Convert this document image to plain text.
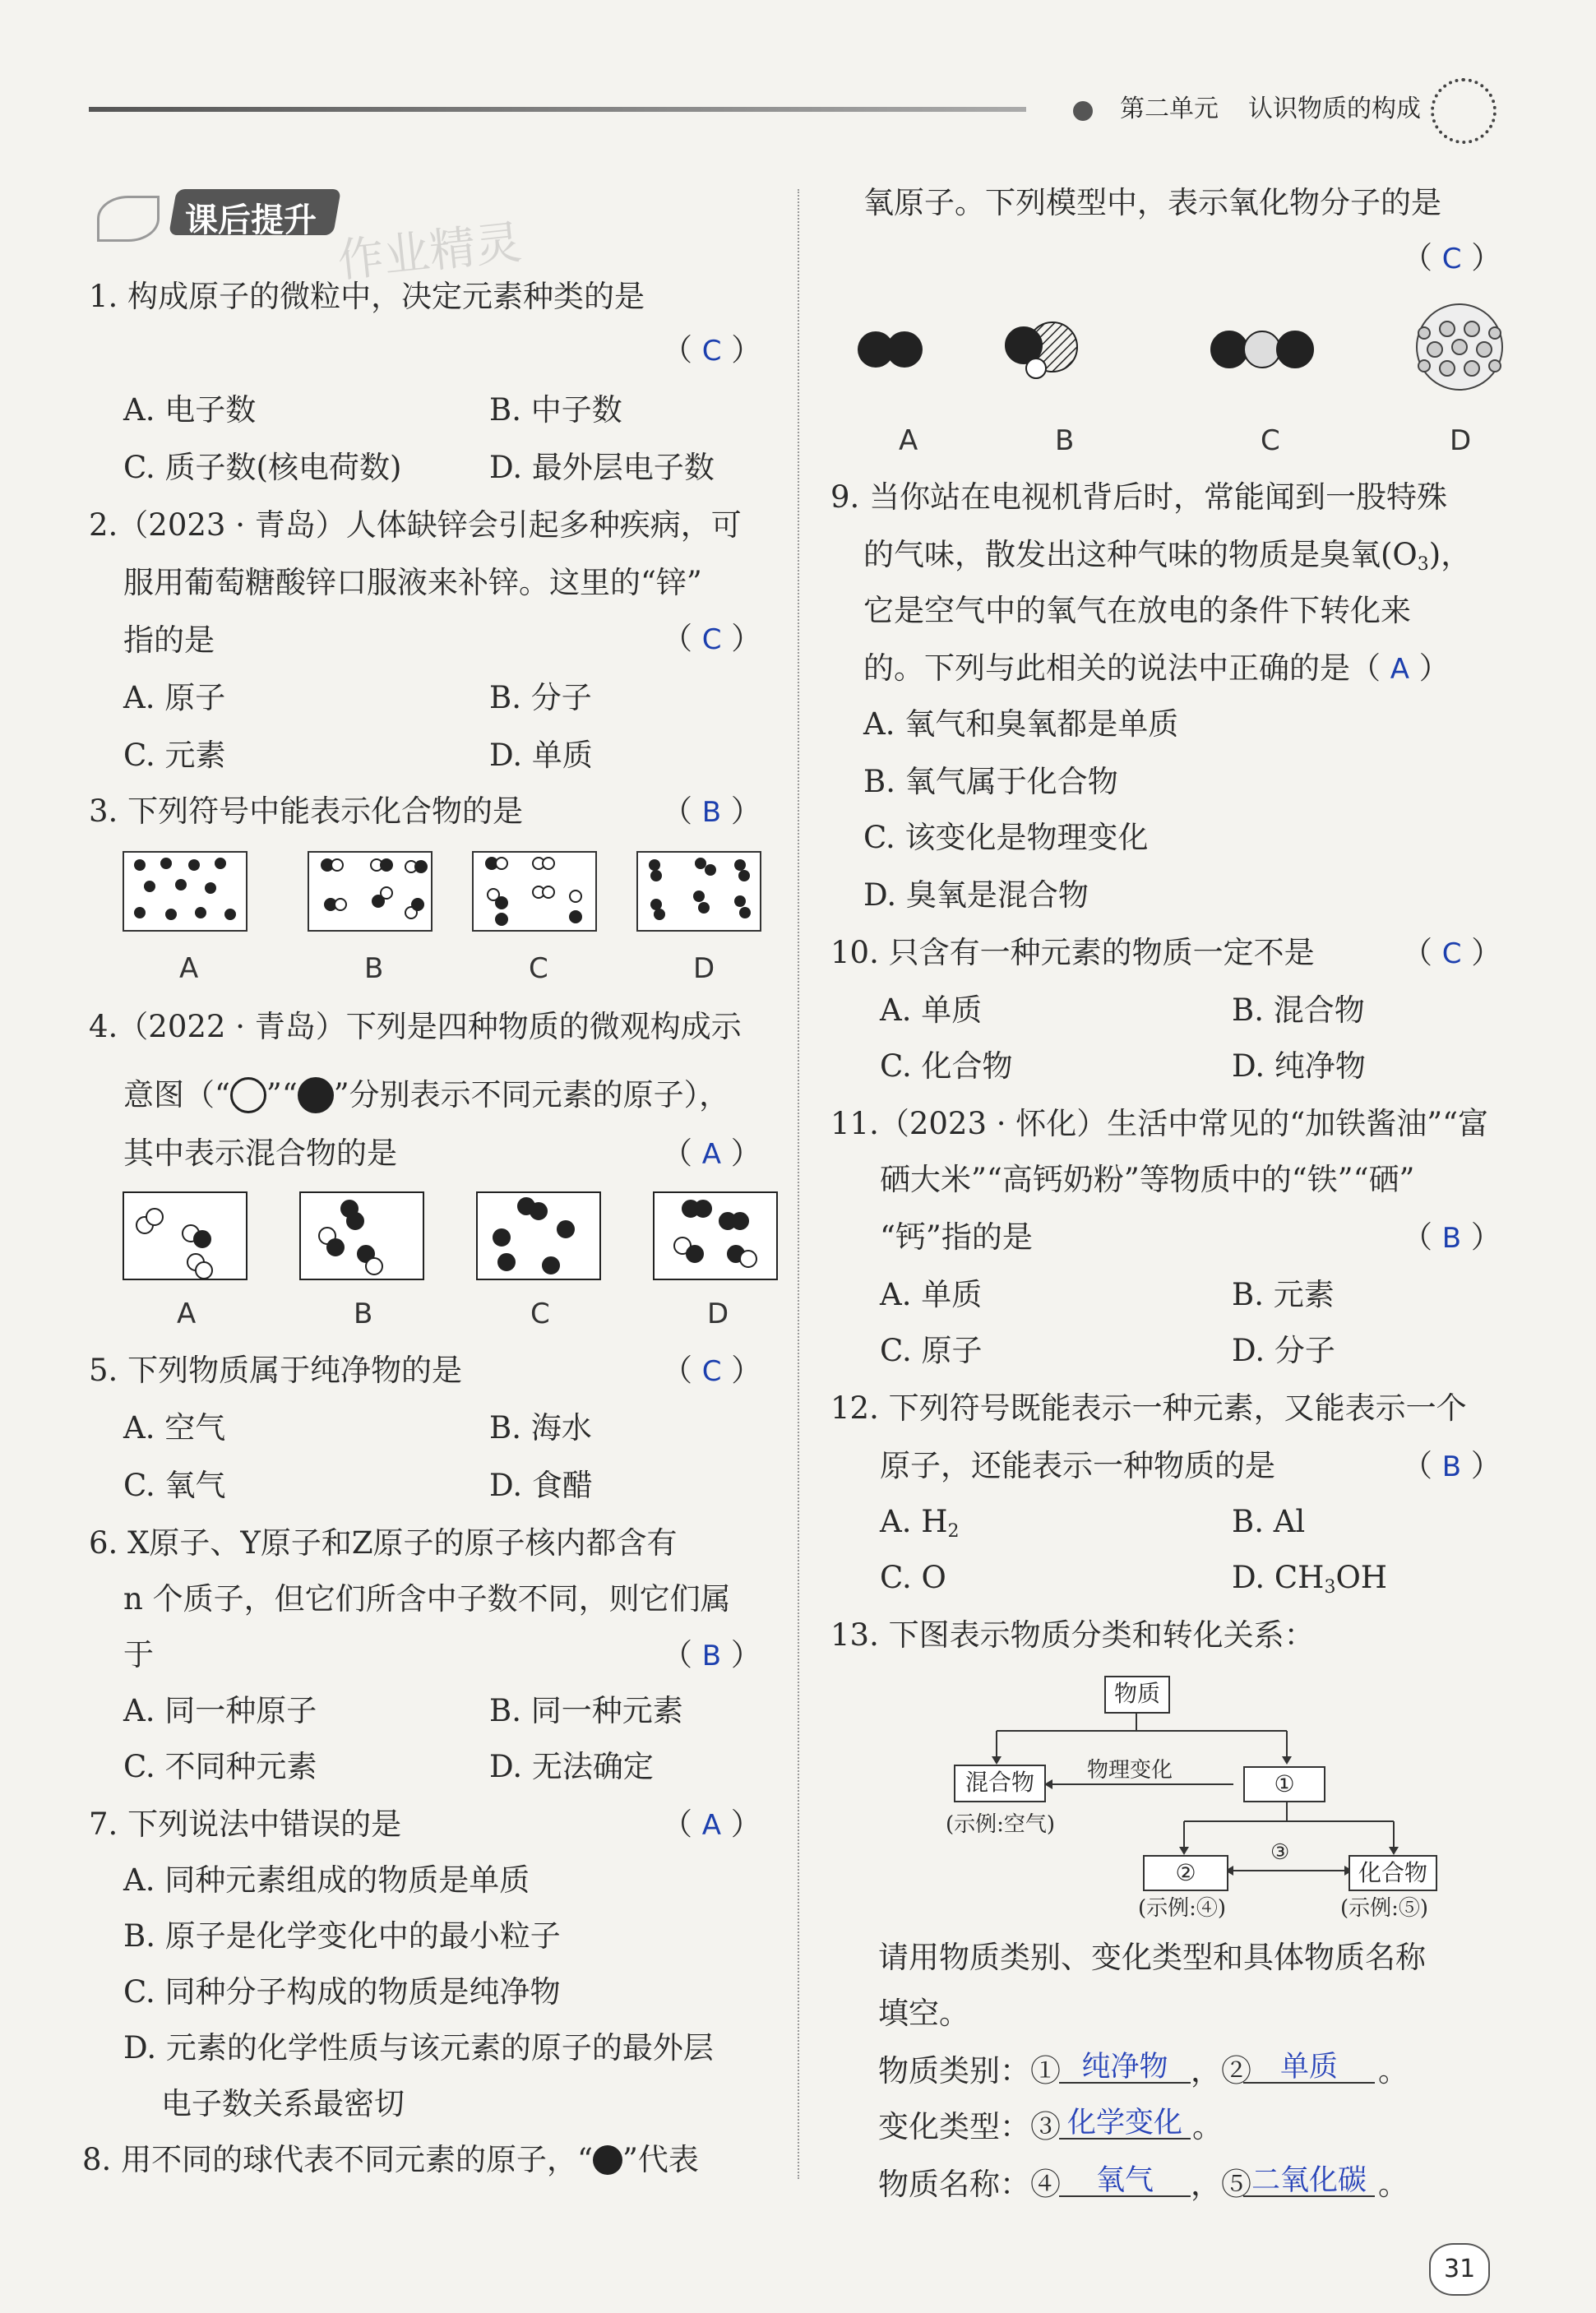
第二单元 认识物质的构成
课后提升 作业精灵
1. 构成原子的微粒中，决定元素种类的是
（ C ）
A. 电子数	B. 中子数
C. 质子数(核电荷数)	D. 最外层电子数
2.（2023 · 青岛）人体缺锌会引起多种疾病，可
服用葡萄糖酸锌口服液来补锌。这里的“锌”
指的是	（ C ）
A. 原子	B. 分子
C. 元素	D. 单质
3. 下列符号中能表示化合物的是	（ B ）
A	B	C	D
4.（2022 · 青岛）下列是四种物质的微观构成示
意图（“ ”“ ”分别表示不同元素的原子），
其中表示混合物的是	（ A ）
A	B	C	D
5. 下列物质属于纯净物的是	（ C ）
A. 空气	B. 海水
C. 氧气	D. 食醋
6. X原子、Y原子和Z原子的原子核内都含有
n 个质子，但它们所含中子数不同，则它们属
于	（ B ）
A. 同一种原子	B. 同一种元素
C. 不同种元素	D. 无法确定
7. 下列说法中错误的是	（ A ）
A. 同种元素组成的物质是单质
B. 原子是化学变化中的最小粒子
C. 同种分子构成的物质是纯净物
D. 元素的化学性质与该元素的原子的最外层
电子数关系最密切
8. 用不同的球代表不同元素的原子，“ ”代表
氧原子。下列模型中，表示氧化物分子的是
（ C ）
A	B	C	D
9. 当你站在电视机背后时，常能闻到一股特殊
的气味，散发出这种气味的物质是臭氧$(O_3)$，
它是空气中的氧气在放电的条件下转化来
的。下列与此相关的说法中正确的是（ A ）
A. 氧气和臭氧都是单质
B. 氧气属于化合物
C. 该变化是物理变化
D. 臭氧是混合物
10. 只含有一种元素的物质一定不是	（ C ）
A. 单质	B. 混合物
C. 化合物	D. 纯净物
11.（2023 · 怀化）生活中常见的“加铁酱油”“富
硒大米”“高钙奶粉”等物质中的“铁”“硒”
“钙”指的是	（ B ）
A. 单质	B. 元素
C. 原子	D. 分子
12. 下列符号既能表示一种元素，又能表示一个
原子，还能表示一种物质的是	（ B ）
A. $H_2$	B. Al
C. O	D. $CH_3OH$
13. 下图表示物质分类和转化关系：
物质
混合物
(示例:空气)
物理变化	①
②
(示例:④)
③
化合物
(示例:⑤)
请用物质类别、变化类型和具体物质名称
填空。
物质类别：① 纯净物 ，② 单质	。
变化类型：③ 化学变化 。
物质名称：④	氧气	，⑤ 二氧化碳 。
31
